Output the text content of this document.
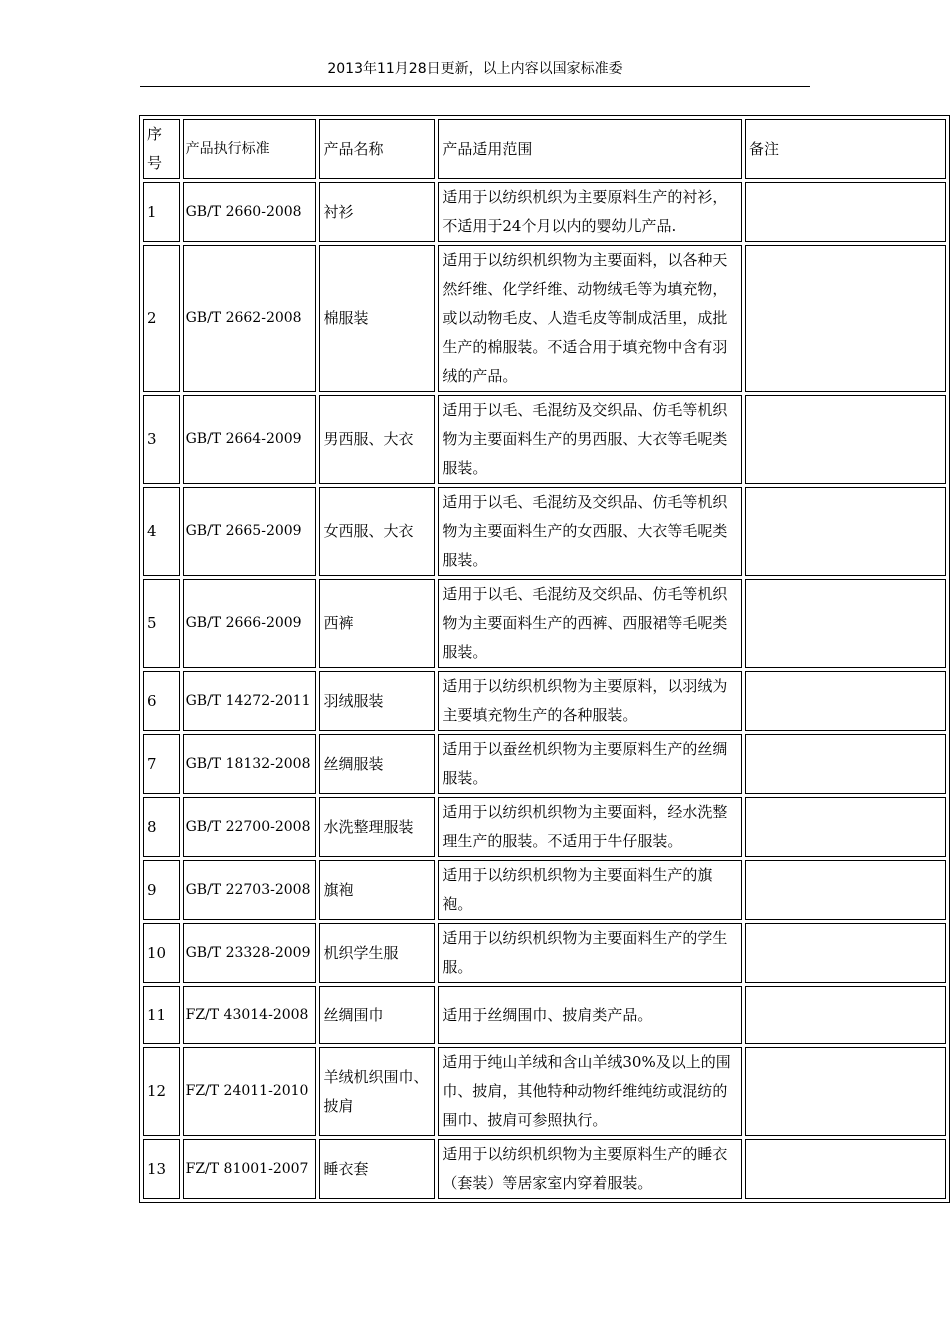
2013年11月28日更新，以上内容以国家标准委
序号	产品执行标准	产品名称	产品适用范围	备注
1	GB/T 2660-2008	衬衫	适用于以纺织机织为主要原料生产的衬衫，不适用于24个月以内的婴幼儿产品.	
2	GB/T 2662-2008	棉服装	适用于以纺织机织物为主要面料，以各种天然纤维、化学纤维、动物绒毛等为填充物，或以动物毛皮、人造毛皮等制成活里，成批生产的棉服装。不适合用于填充物中含有羽绒的产品。	
3	GB/T 2664-2009	男西服、大衣	适用于以毛、毛混纺及交织品、仿毛等机织物为主要面料生产的男西服、大衣等毛呢类服装。	
4	GB/T 2665-2009	女西服、大衣	适用于以毛、毛混纺及交织品、仿毛等机织物为主要面料生产的女西服、大衣等毛呢类服装。	
5	GB/T 2666-2009	西裤	适用于以毛、毛混纺及交织品、仿毛等机织物为主要面料生产的西裤、西服裙等毛呢类服装。	
6	GB/T 14272-2011	羽绒服装	适用于以纺织机织物为主要原料，以羽绒为主要填充物生产的各种服装。	
7	GB/T 18132-2008	丝绸服装	适用于以蚕丝机织物为主要原料生产的丝绸服装。	
8	GB/T 22700-2008	水洗整理服装	适用于以纺织机织物为主要面料，经水洗整理生产的服装。不适用于牛仔服装。	
9	GB/T 22703-2008	旗袍	适用于以纺织机织物为主要面料生产的旗袍。	
10	GB/T 23328-2009	机织学生服	适用于以纺织机织物为主要面料生产的学生服。	
11	FZ/T 43014-2008	丝绸围巾	适用于丝绸围巾、披肩类产品。	
12	FZ/T 24011-2010	羊绒机织围巾、披肩	适用于纯山羊绒和含山羊绒30%及以上的围巾、披肩，其他特种动物纤维纯纺或混纺的围巾、披肩可参照执行。	
13	FZ/T 81001-2007	睡衣套	适用于以纺织机织物为主要原料生产的睡衣（套装）等居家室内穿着服装。	
